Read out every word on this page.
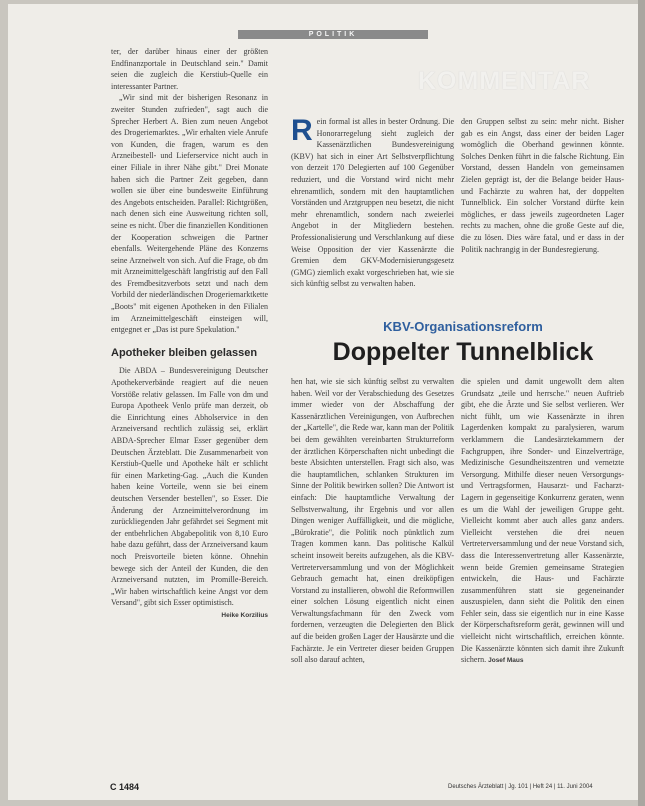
POLITIK

ter, der darüber hinaus einer der größten Endfinanzportale in Deutschland sein." Damit seien die zugleich die Kerstiub-Quelle ein interessanter Partner.

„Wir sind mit der bisherigen Resonanz in zweiter Stunden zufrieden", sagt auch die Sprecher Herbert A. Bien zum neuen Angebot des Drogeriemarktes. „Wir erhalten viele Anrufe von Kunden, die fragen, warum es den Arzneibestell- und Lieferservice nicht auch in einer Filiale in ihrer Nähe gibt." Drei Monate haben sich die Partner Zeit gegeben, dann wollen sie über eine bundesweite Einführung des Angebots entscheiden. Parallel: Richtgrößen, nach denen sich eine Ausweitung richten soll, seine es nicht. Über die finanziellen Konditionen der Kooperation schweigen die Partner ebenfalls. Weitergehende Pläne des Konzerns seine Arzneiwelt von sich. Auf die Frage, ob dm mit Arzneimittelgeschäft langfristig auf den Fall des Fremdbesitzverbots setzt und nach dem Vorbild der niederländischen Drogeriemarktkette „Boots" mit eigenen Apotheken in den Filialen im Arzneimittelgeschäft einsteigen will, entgegnet er „Das ist pure Spekulation."

Apotheker bleiben gelassen

Die ABDA – Bundesvereinigung Deutscher Apothekerverbände reagiert auf die neuen Vorstöße relativ gelassen. Im Falle von dm und Europa Apotheek Venlo prüfe man derzeit, ob die Einrichtung eines Abholservice in den Arzneiversand rechtlich zulässig sei, erklärt ABDA-Sprecher Elmar Esser gegenüber dem Deutschen Ärzteblatt. Die Zusammenarbeit von Kerstiub-Quelle und Apotheke hält er schlicht für einen Marketing-Gag. „Auch die Kunden haben keine Vorteile, wenn sie bei einem deutschen Versender bestellen", so Esser. Die Änderung der Arzneimittelverordnung im zurückliegenden Jahr gefährdet sei Segment mit der entbehrlichen Abgabepolitik von 8,10 Euro habe dazu geführt, dass der Arzneiversand kaum noch Preisvorteile bieten könne. Ohnehin bewege sich der Anteil der Kunden, die den Arzneiversand nutzten, im Promille-Bereich. „Wir haben wirtschaftlich keine Angst vor dem Versand", gibt sich Esser optimistisch.

Heike Korzilius

KOMMENTAR
R ein formal ist alles in bester Ordnung. Die Honorarregelung sieht zugleich der Kassenärztlichen Bundesvereinigung (KBV) hat sich in einer Art Selbstverpflichtung von derzeit 170 Delegierten auf 100 Gegenüber reduziert, und die Vorstand wird nicht mehr ehrenamtlich, sondern mit den hauptamtlichen Vorständen und Arztgruppen neu besetzt, die nicht mehr ehrenamtlich, sondern nach zweierlei Angebot in der Mitgliedern bestehen. Professionalisierung und Verschlankung auf diese Weise Opposition der vier Kassenärzte die Gremien dem GKV-Modernisierungsgesetz (GMG) ziemlich exakt vorgeschrieben hat, wie sie sich künftig selbst zu verwalten haben.
den Gruppen selbst zu sein: mehr nicht. Bisher gab es ein Angst, dass einer der beiden Lager womöglich die Oberhand gewinnen könnte. Solches Denken führt in die falsche Richtung. Ein Vorstand, dessen Handeln von gemeinsamen Zielen geprägt ist, der die Belange beider Haus- und Fachärzte zu wahren hat, der doppelten Tunnelblick. Ein solcher Vorstand dürfte kein mögliches, er dass jeweils zugeordneten Lager rechts zu machen, ohne die große Geste auf die, die zu lösen. Dies wäre fatal, und er dass in der Politik nachrangig in der Bundesregierung.
KBV-Organisationsreform
Doppelter Tunnelblick
hen hat, wie sie sich künftig selbst zu verwalten haben. Weil vor der Verabschiedung des Gesetzes immer wieder von der Abschaffung der Kassenärztlichen Vereinigungen, von Aufbrechen der „Kartelle", die Rede war, kann man der Politik bei dem gewählten vereinbarten Strukturreform der ärztlichen Körperschaften nicht unbedingt die beste Absichten unterstellen. Fragt sich also, was die hauptamtlichen, schlanken Strukturen im Sinne der Politik bewirken sollen? Die Antwort ist einfach: Die hauptamtliche Verwaltung der Selbstverwaltung, ihr Ergebnis und vor allen Dingen weniger Auffälligkeit, und die mögliche, „Bürokratie", die Politik noch pünktlich zum Tragen kommen kann. Das politische Kalkül scheint insoweit bereits aufzugehen, als die KBV-Vertreterversammlung und von der Möglichkeit Gebrauch gemacht hat, einen dreiköpfigen Vorstand zu installieren, obwohl die Reformwillen einer solchen Lösung eigentlich nicht einen Verwaltungsfachmann für den Zweck vom fordernen, verzeugten die Delegierten den Blick auf die beiden großen Lager der Hausärzte und die Fachärzte. Je ein Vertreter dieser beiden Gruppen soll also darauf achten,
die spielen und damit ungewollt dem alten Grundsatz „teile und herrsche." neuen Auftrieb gibt, ehe die Ärzte und Sie selbst verlieren. Wer nicht fühlt, um wie Kassenärzte in ihren Lagerdenken kompakt zu paralysieren, warum verklammern die Landesärztekammern der Fachgruppen, ihre Sonder- und Einzelverträge, Medizinische Gesundheitszentren und vernetzte Versorgung. Mithilfe dieser neuen Versorgungs- und Vertragsformen, Hausarzt- und Facharzt-Lagern in gegenseitige Konkurrenz geraten, wenn es um die Wahl der jeweiligen Gruppe geht. Vielleicht kommt aber auch alles ganz anders. Vielleicht verstehen die drei neuen Vertreterversammlung und der neue Vorstand sich, dass die Interessenvertretung aller Kassenärzte, wenn beide Gremien gemeinsame Strategien entwickeln, die Haus- und Fachärzte zusammenführen statt sie gegeneinander auszuspielen, dann sieht die Politik den einen Fehler sein, dass sie eigentlich nur in eine Kasse der Körperschaftsreform gerät, gewinnen will und vielleicht nicht wirtschaftlich, erreichen könnte. Die Kassenärzte könnten sich damit ihre Zukunft sichern. Josef Maus
C 1484	Deutsches Ärzteblatt | Jg. 101 | Heft 24 | 11. Juni 2004
